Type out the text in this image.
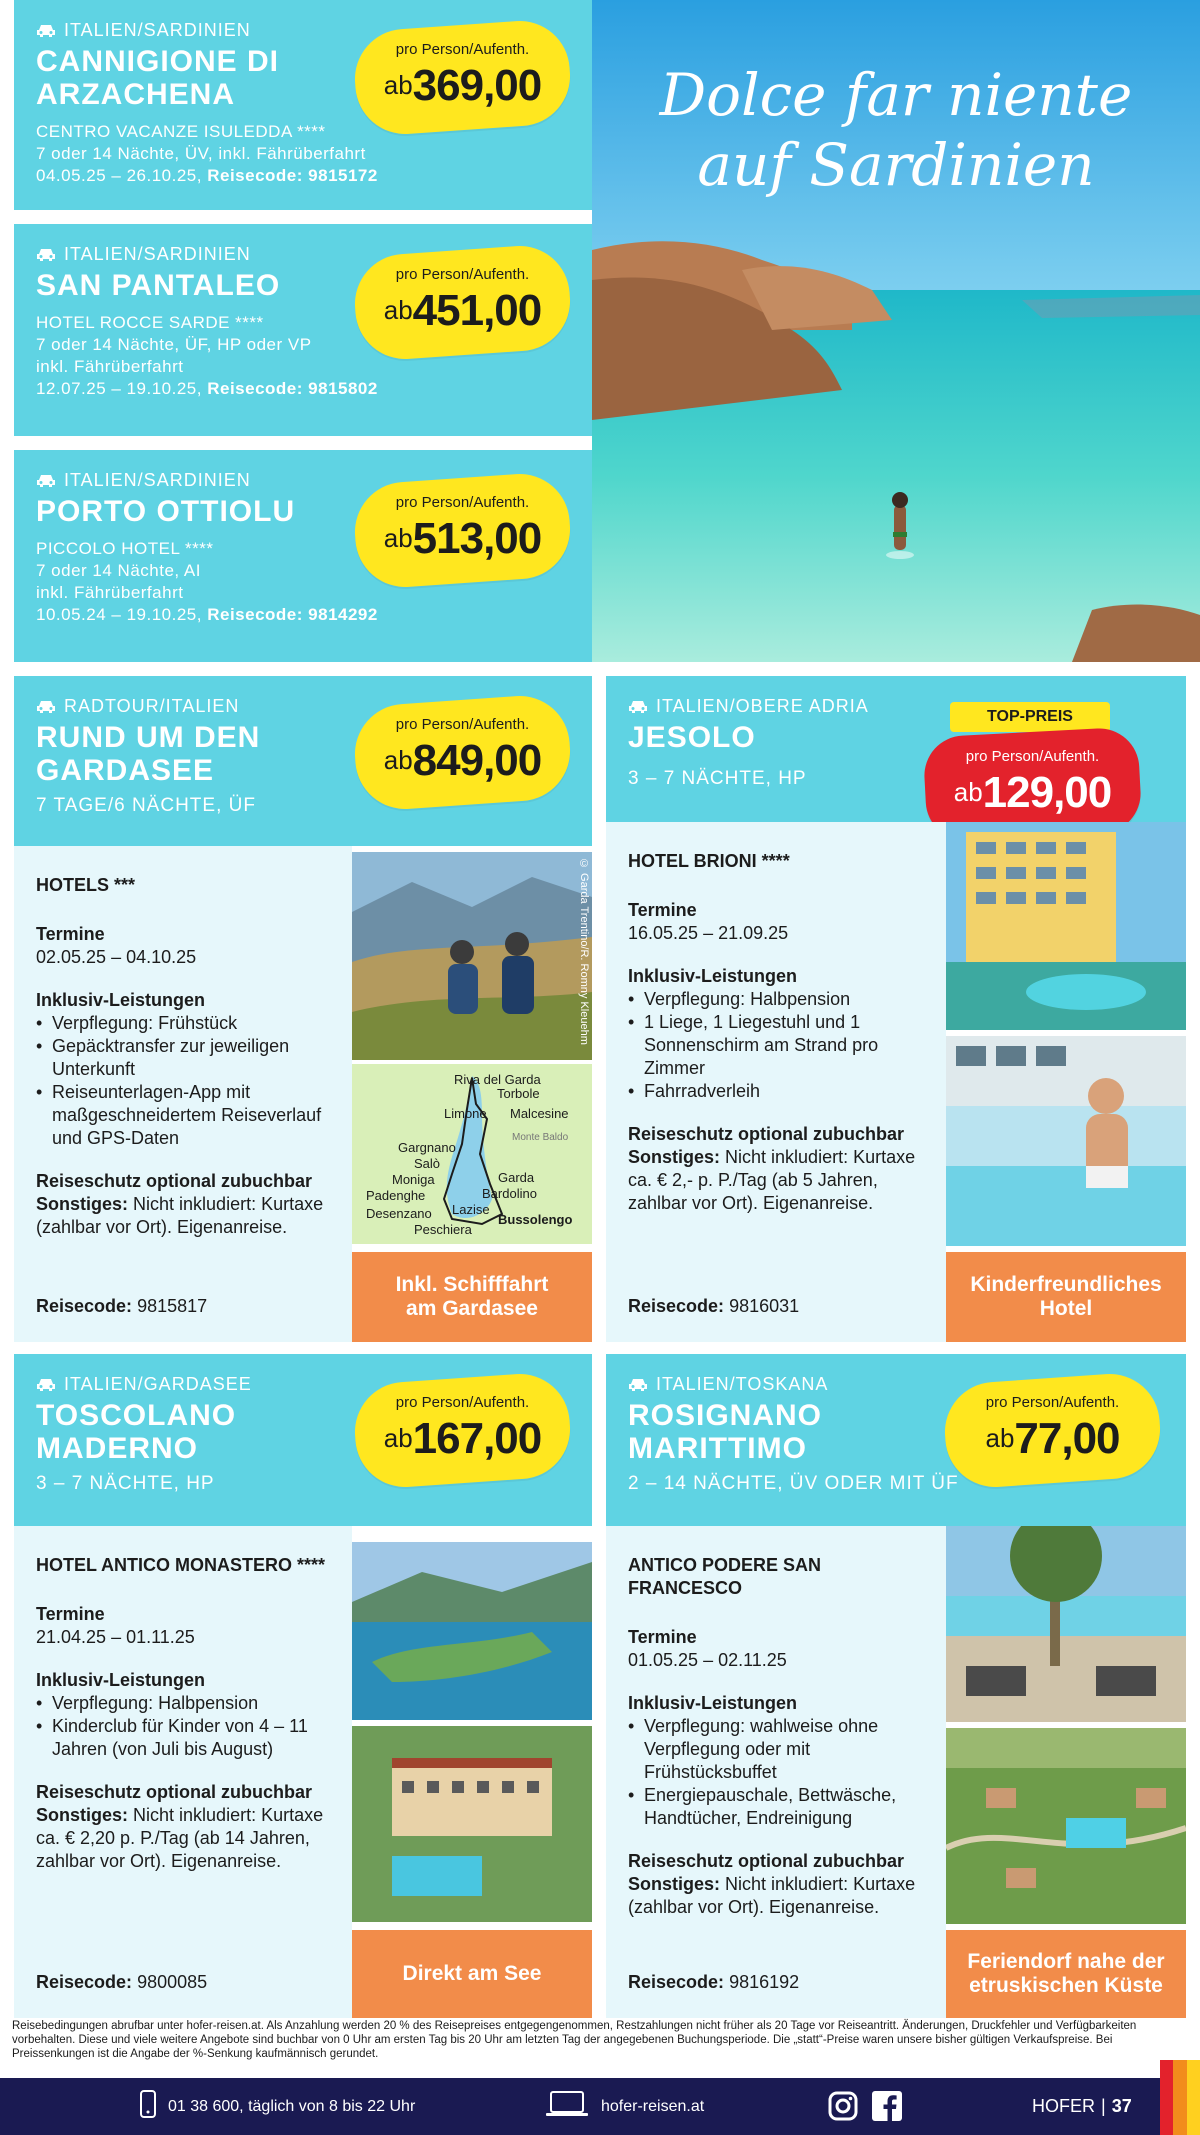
ITALIEN/SARDINIEN
CANNIGIONE DI
ARZACHENA
CENTRO VACANZE ISULEDDA ****
7 oder 14 Nächte, ÜV, inkl. Fährüberfahrt
04.05.25 – 26.10.25, Reisecode: 9815172
pro Person/Aufenth.
ab369,00
ITALIEN/SARDINIEN
SAN PANTALEO
HOTEL ROCCE SARDE ****
7 oder 14 Nächte, ÜF, HP oder VP
inkl. Fährüberfahrt
12.07.25 – 19.10.25, Reisecode: 9815802
pro Person/Aufenth.
ab451,00
ITALIEN/SARDINIEN
PORTO OTTIOLU
PICCOLO HOTEL ****
7 oder 14 Nächte, AI
inkl. Fährüberfahrt
10.05.24 – 19.10.25, Reisecode: 9814292
pro Person/Aufenth.
ab513,00
Dolce far niente
auf Sardinien
RADTOUR/ITALIEN
RUND UM DEN
GARDASEE
7 TAGE/6 NÄCHTE, ÜF
pro Person/Aufenth.
ab849,00
HOTELS ***
Termine
02.05.25 – 04.10.25
Inklusiv-Leistungen
• Verpflegung: Frühstück
• Gepäcktransfer zur jeweiligen Unterkunft
• Reiseunterlagen-App mit maßgeschneidertem Reiseverlauf und GPS-Daten
Reiseschutz optional zubuchbar
Sonstiges: Nicht inkludiert: Kurtaxe (zahlbar vor Ort). Eigenanreise.
Reisecode: 9815817
© Garda Trentino/R. Romny Kleuehm
Riva del Garda
Torbole
Limone Malcesine
Monte Baldo
Gargnano
Salò
Moniga
Padenghe
Garda
Bardolino
Desenzano Lazise
Peschiera
Bussolengo
Inkl. Schifffahrt am Gardasee
ITALIEN/OBERE ADRIA
JESOLO
3 – 7 NÄCHTE, HP
TOP-PREIS
pro Person/Aufenth.
ab129,00
HOTEL BRIONI ****
Termine
16.05.25 – 21.09.25
Inklusiv-Leistungen
• Verpflegung: Halbpension
• 1 Liege, 1 Liegestuhl und 1 Sonnenschirm am Strand pro Zimmer
• Fahrradverleih
Reiseschutz optional zubuchbar
Sonstiges: Nicht inkludiert: Kurtaxe ca. € 2,- p. P./Tag (ab 5 Jahren, zahlbar vor Ort). Eigenanreise.
Reisecode: 9816031
Kinderfreundliches Hotel
ITALIEN/GARDASEE
TOSCOLANO
MADERNO
3 – 7 NÄCHTE, HP
pro Person/Aufenth.
ab167,00
HOTEL ANTICO MONASTERO ****
Termine
21.04.25 – 01.11.25
Inklusiv-Leistungen
• Verpflegung: Halbpension
• Kinderclub für Kinder von 4 – 11 Jahren (von Juli bis August)
Reiseschutz optional zubuchbar
Sonstiges: Nicht inkludiert: Kurtaxe ca. € 2,20 p. P./Tag (ab 14 Jahren, zahlbar vor Ort). Eigenanreise.
Reisecode: 9800085	Direkt am See
ITALIEN/TOSKANA
ROSIGNANO
MARITTIMO
2 – 14 NÄCHTE, ÜV ODER MIT ÜF
pro Person/Aufenth.
ab77,00
ANTICO PODERE SAN FRANCESCO
Termine
01.05.25 – 02.11.25
Inklusiv-Leistungen
• Verpflegung: wahlweise ohne Verpflegung oder mit Frühstücksbuffet
• Energiepauschale, Bettwäsche, Handtücher, Endreinigung
Reiseschutz optional zubuchbar
Sonstiges: Nicht inkludiert: Kurtaxe (zahlbar vor Ort). Eigenanreise.
Reisecode: 9816192
Feriendorf nahe der etruskischen Küste
Reisebedingungen abrufbar unter hofer-reisen.at. Als Anzahlung werden 20 % des Reisepreises entgegengenommen, Restzahlungen nicht früher als 20 Tage vor Reiseantritt. Änderungen, Druckfehler und Verfügbarkeiten vorbehalten. Diese und viele weitere Angebote sind buchbar von 0 Uhr am ersten Tag bis 20 Uhr am letzten Tag der angegebenen Buchungsperiode. Die „statt“-Preise waren unsere bisher gültigen Verkaufspreise. Bei Preissenkungen ist die Angabe der %-Senkung kaufmännisch gerundet.
01 38 600, täglich von 8 bis 22 Uhr	hofer-reisen.at	HOFER | 37
